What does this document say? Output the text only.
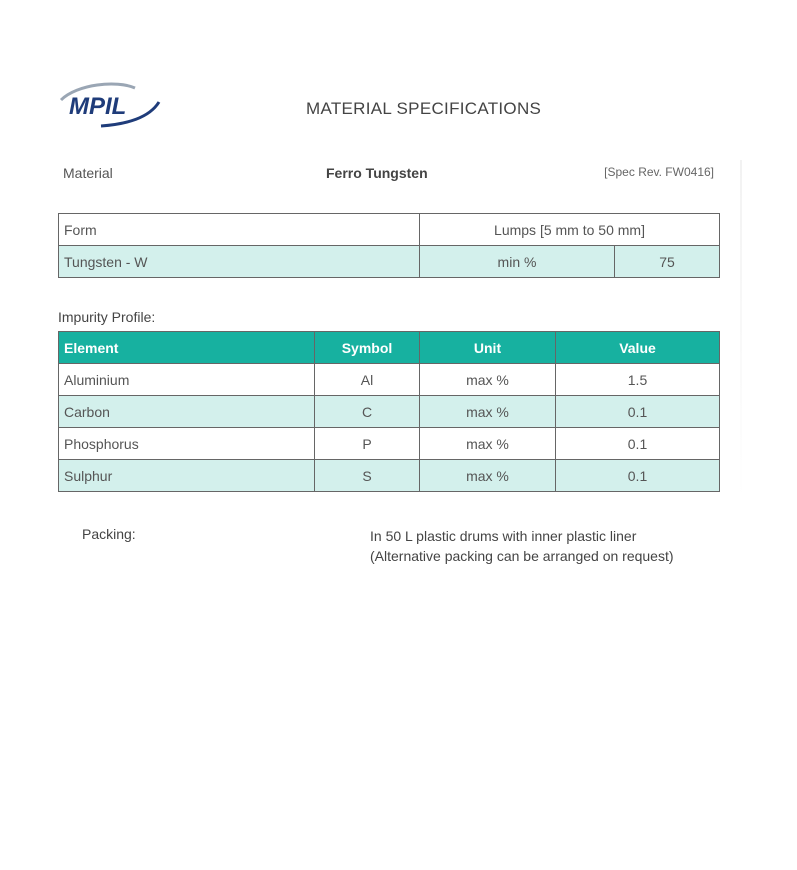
MPIL	MATERIAL SPECIFICATIONS
Material	Ferro Tungsten	[Spec Rev. FW0416]
Form	Lumps [5 mm to 50 mm]	
Tungsten - W	min %	75
Impurity Profile:
Element	Symbol	Unit	Value
Aluminium	Al	max %	1.5
Carbon	C	max %	0.1
Phosphorus	P	max %	0.1
Sulphur	S	max %	0.1
Packing:	In 50 L plastic drums with inner plastic liner
(Alternative packing can be arranged on request)
